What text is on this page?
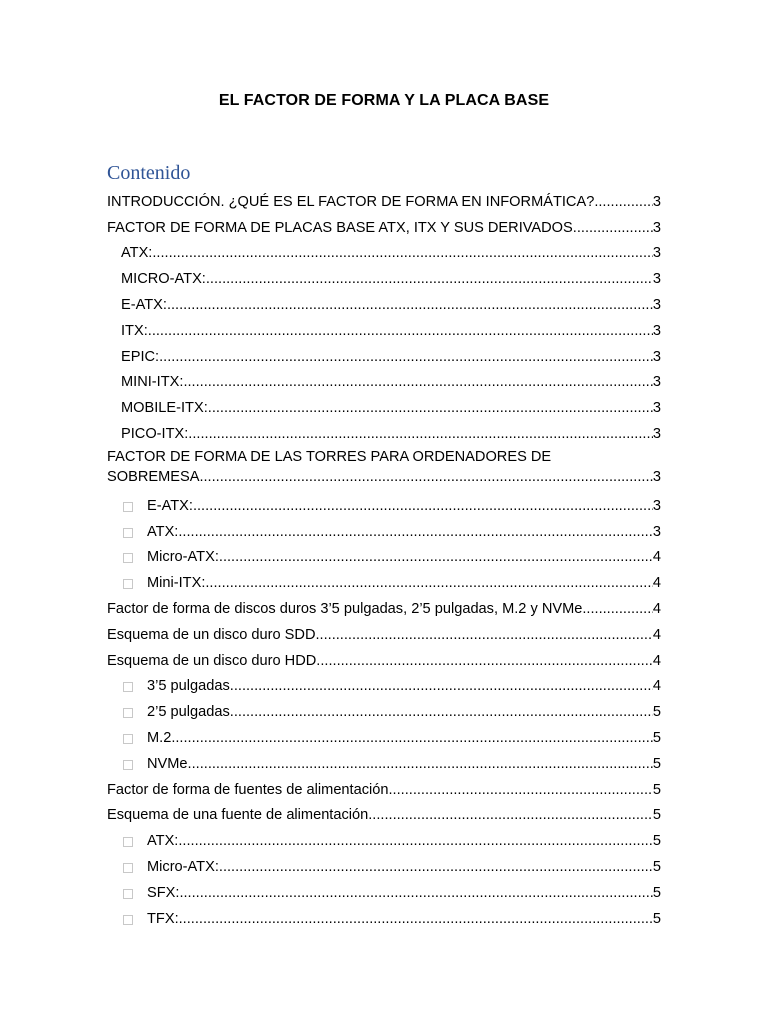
EL FACTOR DE FORMA Y LA PLACA BASE
Contenido
INTRODUCCIÓN. ¿QUÉ ES EL FACTOR DE FORMA EN INFORMÁTICA? .....	3
FACTOR DE FORMA DE PLACAS BASE ATX, ITX Y SUS DERIVADOS .....	3
ATX: .....	3
MICRO-ATX: .....	3
E-ATX: .....	3
ITX: .....	3
EPIC: .....	3
MINI-ITX: .....	3
MOBILE-ITX: .....	3
PICO-ITX: .....	3
FACTOR DE FORMA DE LAS TORRES PARA ORDENADORES DE
SOBREMESA .....	3
E-ATX: .....	3
ATX: .....	3
Micro-ATX: .....	4
Mini-ITX: .....	4
Factor de forma de discos duros 3’5 pulgadas, 2’5 pulgadas, M.2 y NVMe .....	4
Esquema de un disco duro SDD .....	4
Esquema de un disco duro HDD .....	4
3’5 pulgadas .....	4
2’5 pulgadas .....	5
M.2 .....	5
NVMe .....	5
Factor de forma de fuentes de alimentación .....	5
Esquema de una fuente de alimentación .....	5
ATX: .....	5
Micro-ATX: .....	5
SFX: .....	5
TFX: .....	5
